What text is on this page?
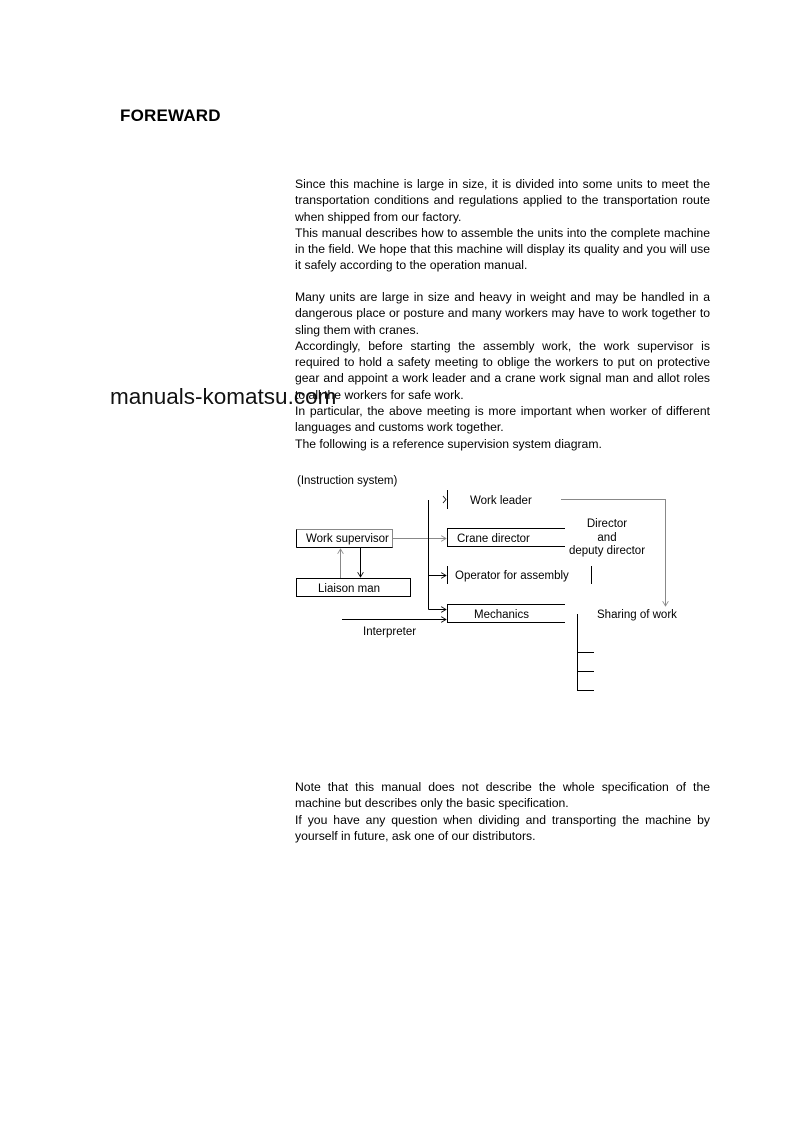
FOREWARD

Since this machine is large in size, it is divided into some units to meet the transportation conditions and regulations applied to the transportation route when shipped from our factory.

This manual describes how to assemble the units into the complete machine in the field. We hope that this machine will display its quality and you will use it safely according to the operation manual.

Many units are large in size and heavy in weight and may be handled in a dangerous place or posture and many workers may have to work together to sling them with cranes.

Accordingly, before starting the assembly work, the work supervisor is required to hold a safety meeting to oblige the workers to put on protective gear and appoint a work leader and a crane work signal man and allot roles to all the workers for safe work.

In particular, the above meeting is more important when worker of different languages and customs work together.

The following is a reference supervision system diagram.

(Instruction system)
Work supervisor
Liaison man
Work leader
Crane director
Operator for assembly
Mechanics
Interpreter
Director
and
deputy director
Sharing of work

Note that this manual does not describe the whole specification of the machine but describes only the basic specification.

If you have any question when dividing and transporting the machine by yourself in future, ask one of our distributors.

manuals-komatsu.com
